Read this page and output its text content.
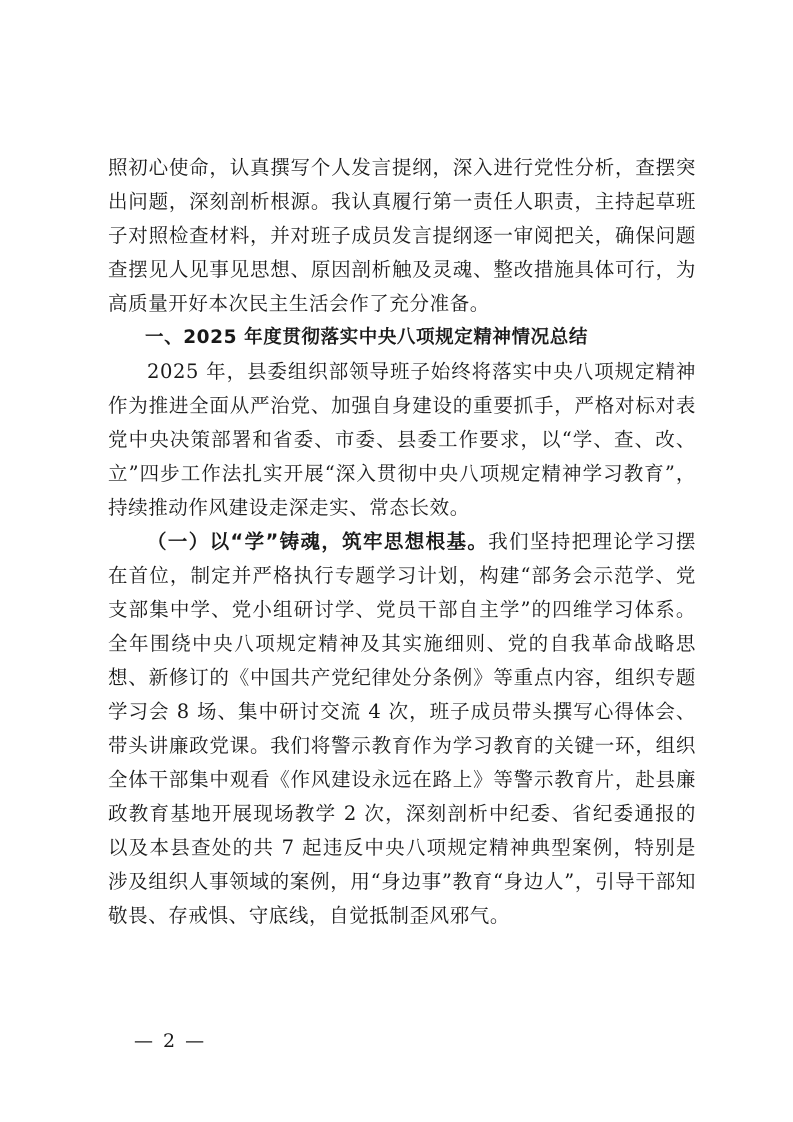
照初心使命，认真撰写个人发言提纲，深入进行党性分析，查摆突出问题，深刻剖析根源。我认真履行第一责任人职责，主持起草班子对照检查材料，并对班子成员发言提纲逐一审阅把关，确保问题查摆见人见事见思想、原因剖析触及灵魂、整改措施具体可行，为高质量开好本次民主生活会作了充分准备。

一、2025 年度贯彻落实中央八项规定精神情况总结

2025 年，县委组织部领导班子始终将落实中央八项规定精神作为推进全面从严治党、加强自身建设的重要抓手，严格对标对表党中央决策部署和省委、市委、县委工作要求，以“学、查、改、立”四步工作法扎实开展“深入贯彻中央八项规定精神学习教育”，持续推动作风建设走深走实、常态长效。

（一）以“学”铸魂，筑牢思想根基。我们坚持把理论学习摆在首位，制定并严格执行专题学习计划，构建“部务会示范学、党支部集中学、党小组研讨学、党员干部自主学”的四维学习体系。全年围绕中央八项规定精神及其实施细则、党的自我革命战略思想、新修订的《中国共产党纪律处分条例》等重点内容，组织专题学习会 8 场、集中研讨交流 4 次，班子成员带头撰写心得体会、带头讲廉政党课。我们将警示教育作为学习教育的关键一环，组织全体干部集中观看《作风建设永远在路上》等警示教育片，赴县廉政教育基地开展现场教学 2 次，深刻剖析中纪委、省纪委通报的以及本县查处的共 7 起违反中央八项规定精神典型案例，特别是涉及组织人事领域的案例，用“身边事”教育“身边人”，引导干部知敬畏、存戒惧、守底线，自觉抵制歪风邪气。

— 2 —
